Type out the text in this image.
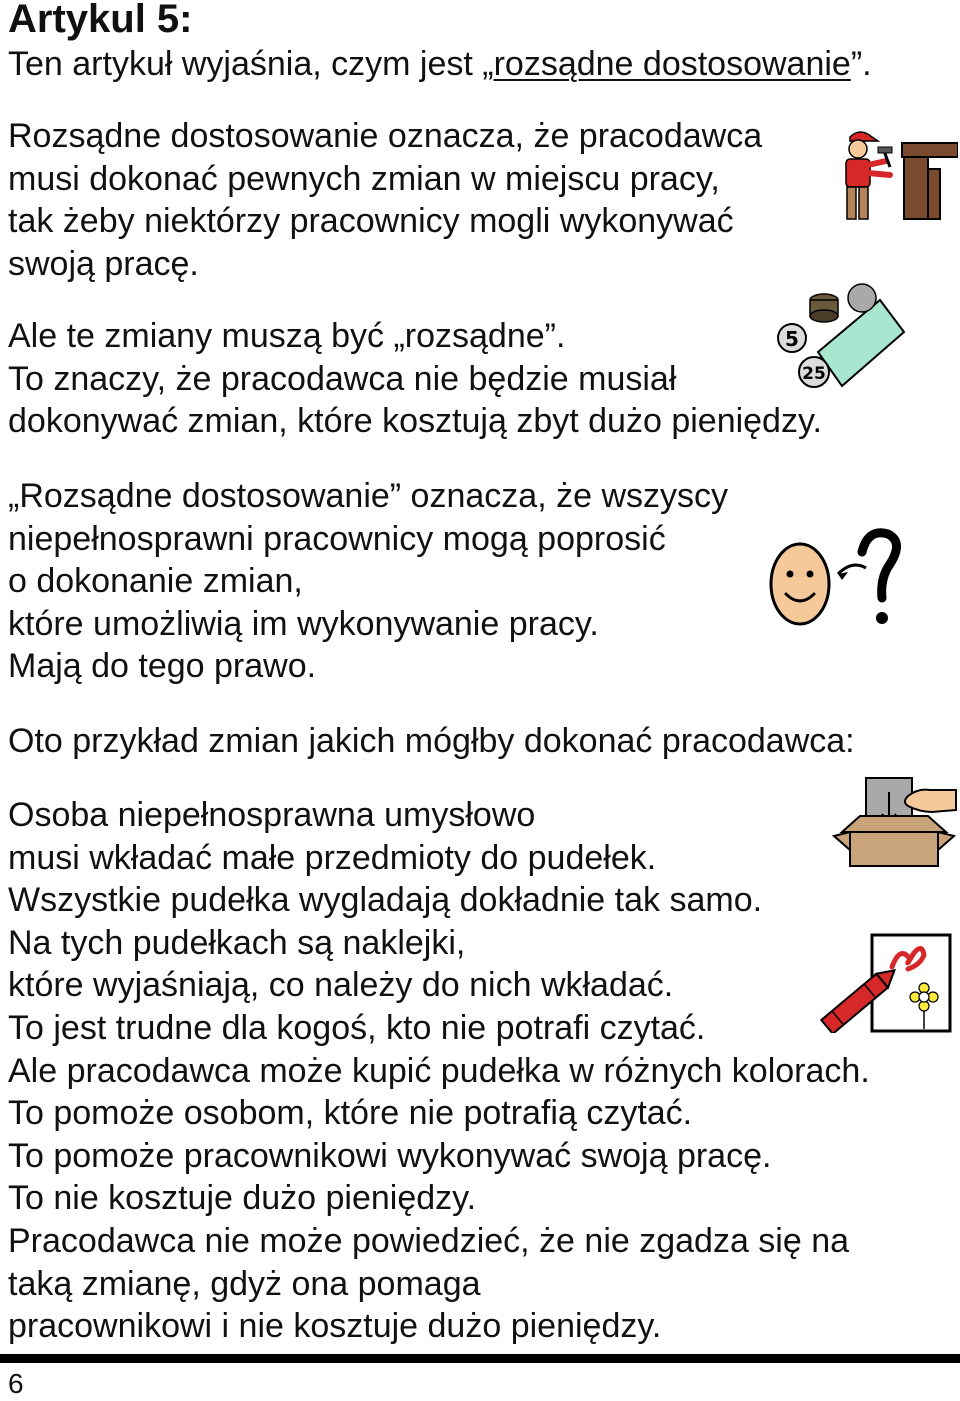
Artykul 5:

Ten artykuł wyjaśnia, czym jest „rozsądne dostosowanie”.

Rozsądne dostosowanie oznacza, że pracodawca
musi dokonać pewnych zmian w miejscu pracy,
tak żeby niektórzy pracownicy mogli wykonywać
swoją pracę.

Ale te zmiany muszą być „rozsądne”.
To znaczy, że pracodawca nie będzie musiał
dokonywać zmian, które kosztują zbyt dużo pieniędzy.

„Rozsądne dostosowanie” oznacza, że wszyscy
niepełnosprawni pracownicy mogą poprosić
o dokonanie zmian,
które umożliwią im wykonywanie pracy.
Mają do tego prawo.

Oto przykład zmian jakich mógłby dokonać pracodawca:

Osoba niepełnosprawna umysłowo
musi wkładać małe przedmioty do pudełek.
Wszystkie pudełka wygladają dokładnie tak samo.
Na tych pudełkach są naklejki,
które wyjaśniają, co należy do nich wkładać.
To jest trudne dla kogoś, kto nie potrafi czytać.
Ale pracodawca może kupić pudełka w różnych kolorach.
To pomoże osobom, które nie potrafią czytać.
To pomoże pracownikowi wykonywać swoją pracę.
To nie kosztuje dużo pieniędzy.
Pracodawca nie może powiedzieć, że nie zgadza się na
taką zmianę, gdyż ona pomaga
pracownikowi i nie kosztuje dużo pieniędzy.

5
25
6
